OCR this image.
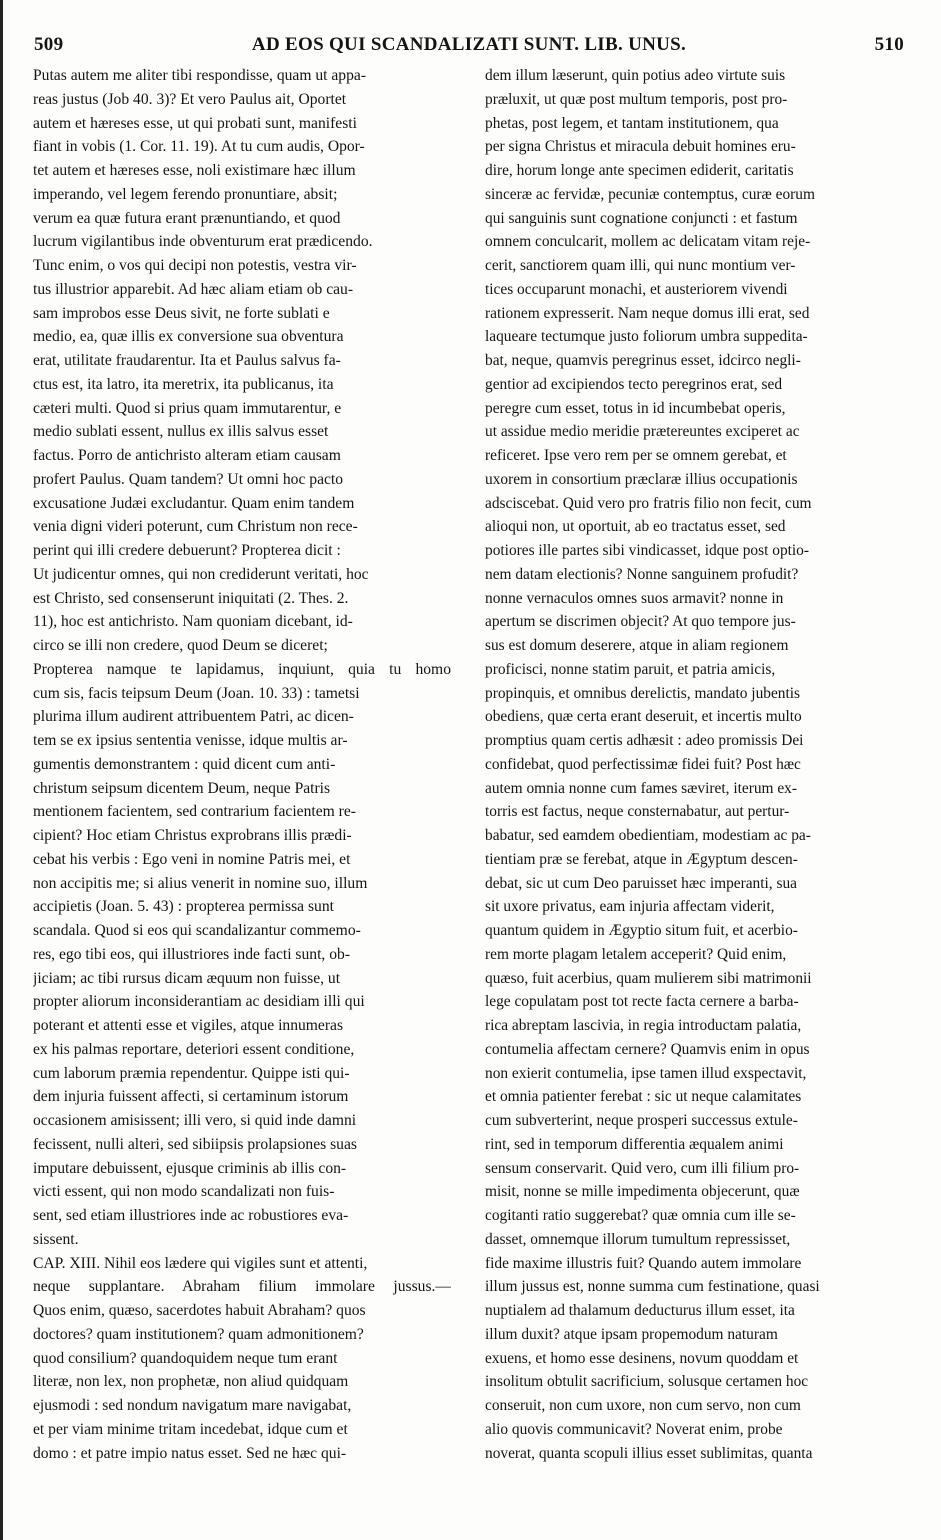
509	AD EOS QUI SCANDALIZATI SUNT. LIB. UNUS.	510
Putas autem me aliter tibi respondisse, quam ut appa-
reas justus (Job 40. 3)? Et vero Paulus ait, Oportet
autem et hæreses esse, ut qui probati sunt, manifesti
fiant in vobis (1. Cor. 11. 19). At tu cum audis, Opor-
tet autem et hæreses esse, noli existimare hæc illum
imperando, vel legem ferendo pronuntiare, absit;
verum ea quæ futura erant prænuntiando, et quod
lucrum vigilantibus inde obventurum erat prædicendo.
Tunc enim, o vos qui decipi non potestis, vestra vir-
tus illustrior apparebit. Ad hæc aliam etiam ob cau-
sam improbos esse Deus sivit, ne forte sublati e
medio, ea, quæ illis ex conversione sua obventura
erat, utilitate fraudarentur. Ita et Paulus salvus fa-
ctus est, ita latro, ita meretrix, ita publicanus, ita
cæteri multi. Quod si prius quam immutarentur, e
medio sublati essent, nullus ex illis salvus esset
factus. Porro de antichristo alteram etiam causam
profert Paulus. Quam tandem? Ut omni hoc pacto
excusatione Judæi excludantur. Quam enim tandem
venia digni videri poterunt, cum Christum non rece-
perint qui illi credere debuerunt? Propterea dicit :
Ut judicentur omnes, qui non crediderunt veritati, hoc
est Christo, sed consenserunt iniquitati (2. Thes. 2.
11), hoc est antichristo. Nam quoniam dicebant, id-
circo se illi non credere, quod Deum se diceret;
Propterea namque te lapidamus, inquiunt, quia tu homo
cum sis, facis teipsum Deum (Joan. 10. 33) : tametsi
plurima illum audirent attribuentem Patri, ac dicen-
tem se ex ipsius sententia venisse, idque multis ar-
gumentis demonstrantem : quid dicent cum anti-
christum seipsum dicentem Deum, neque Patris
mentionem facientem, sed contrarium facientem re-
cipient? Hoc etiam Christus exprobrans illis prædi-
cebat his verbis : Ego veni in nomine Patris mei, et
non accipitis me; si alius venerit in nomine suo, illum
accipietis (Joan. 5. 43) : propterea permissa sunt
scandala. Quod si eos qui scandalizantur commemo-
res, ego tibi eos, qui illustriores inde facti sunt, ob-
jiciam; ac tibi rursus dicam æquum non fuisse, ut
propter aliorum inconsiderantiam ac desidiam illi qui
poterant et attenti esse et vigiles, atque innumeras
ex his palmas reportare, deteriori essent conditione,
cum laborum præmia rependentur. Quippe isti qui-
dem injuria fuissent affecti, si certaminum istorum
occasionem amisissent; illi vero, si quid inde damni
fecissent, nulli alteri, sed sibiipsis prolapsiones suas
imputare debuissent, ejusque criminis ab illis con-
victi essent, qui non modo scandalizati non fuis-
sent, sed etiam illustriores inde ac robustiores eva-
sissent.
CAP. XIII. Nihil eos lædere qui vigiles sunt et attenti,
neque supplantare. Abraham filium immolare jussus.—
Quos enim, quæso, sacerdotes habuit Abraham? quos
doctores? quam institutionem? quam admonitionem?
quod consilium? quandoquidem neque tum erant
literæ, non lex, non prophetæ, non aliud quidquam
ejusmodi : sed nondum navigatum mare navigabat,
et per viam minime tritam incedebat, idque cum et
domo : et patre impio natus esset. Sed ne hæc qui-
dem illum læserunt, quin potius adeo virtute suis
præluxit, ut quæ post multum temporis, post pro-
phetas, post legem, et tantam institutionem, qua
per signa Christus et miracula debuit homines eru-
dire, horum longe ante specimen ediderit, caritatis
sinceræ ac fervidæ, pecuniæ contemptus, curæ eorum
qui sanguinis sunt cognatione conjuncti : et fastum
omnem conculcarit, mollem ac delicatam vitam reje-
cerit, sanctiorem quam illi, qui nunc montium ver-
tices occuparunt monachi, et austeriorem vivendi
rationem expresserit. Nam neque domus illi erat, sed
laqueare tectumque justo foliorum umbra suppedita-
bat, neque, quamvis peregrinus esset, idcirco negli-
gentior ad excipiendos tecto peregrinos erat, sed
peregre cum esset, totus in id incumbebat operis,
ut assidue medio meridie prætereuntes exciperet ac
reficeret. Ipse vero rem per se omnem gerebat, et
uxorem in consortium præclaræ illius occupationis
adsciscebat. Quid vero pro fratris filio non fecit, cum
alioqui non, ut oportuit, ab eo tractatus esset, sed
potiores ille partes sibi vindicasset, idque post optio-
nem datam electionis? Nonne sanguinem profudit?
nonne vernaculos omnes suos armavit? nonne in
apertum se discrimen objecit? At quo tempore jus-
sus est domum deserere, atque in aliam regionem
proficisci, nonne statim paruit, et patria amicis,
propinquis, et omnibus derelictis, mandato jubentis
obediens, quæ certa erant deseruit, et incertis multo
promptius quam certis adhæsit : adeo promissis Dei
confidebat, quod perfectissimæ fidei fuit? Post hæc
autem omnia nonne cum fames sæviret, iterum ex-
torris est factus, neque consternabatur, aut pertur-
babatur, sed eamdem obedientiam, modestiam ac pa-
tientiam præ se ferebat, atque in Ægyptum descen-
debat, sic ut cum Deo paruisset hæc imperanti, sua
sit uxore privatus, eam injuria affectam viderit,
quantum quidem in Ægyptio situm fuit, et acerbio-
rem morte plagam letalem acceperit? Quid enim,
quæso, fuit acerbius, quam mulierem sibi matrimonii
lege copulatam post tot recte facta cernere a barba-
rica abreptam lascivia, in regia introductam palatia,
contumelia affectam cernere? Quamvis enim in opus
non exierit contumelia, ipse tamen illud exspectavit,
et omnia patienter ferebat : sic ut neque calamitates
cum subverterint, neque prosperi successus extule-
rint, sed in temporum differentia æqualem animi
sensum conservarit. Quid vero, cum illi filium pro-
misit, nonne se mille impedimenta objecerunt, quæ
cogitanti ratio suggerebat? quæ omnia cum ille se-
dasset, omnemque illorum tumultum repressisset,
fide maxime illustris fuit? Quando autem immolare
illum jussus est, nonne summa cum festinatione, quasi
nuptialem ad thalamum deducturus illum esset, ita
illum duxit? atque ipsam propemodum naturam
exuens, et homo esse desinens, novum quoddam et
insolitum obtulit sacrificium, solusque certamen hoc
conseruit, non cum uxore, non cum servo, non cum
alio quovis communicavit? Noverat enim, probe
noverat, quanta scopuli illius esset sublimitas, quanta
